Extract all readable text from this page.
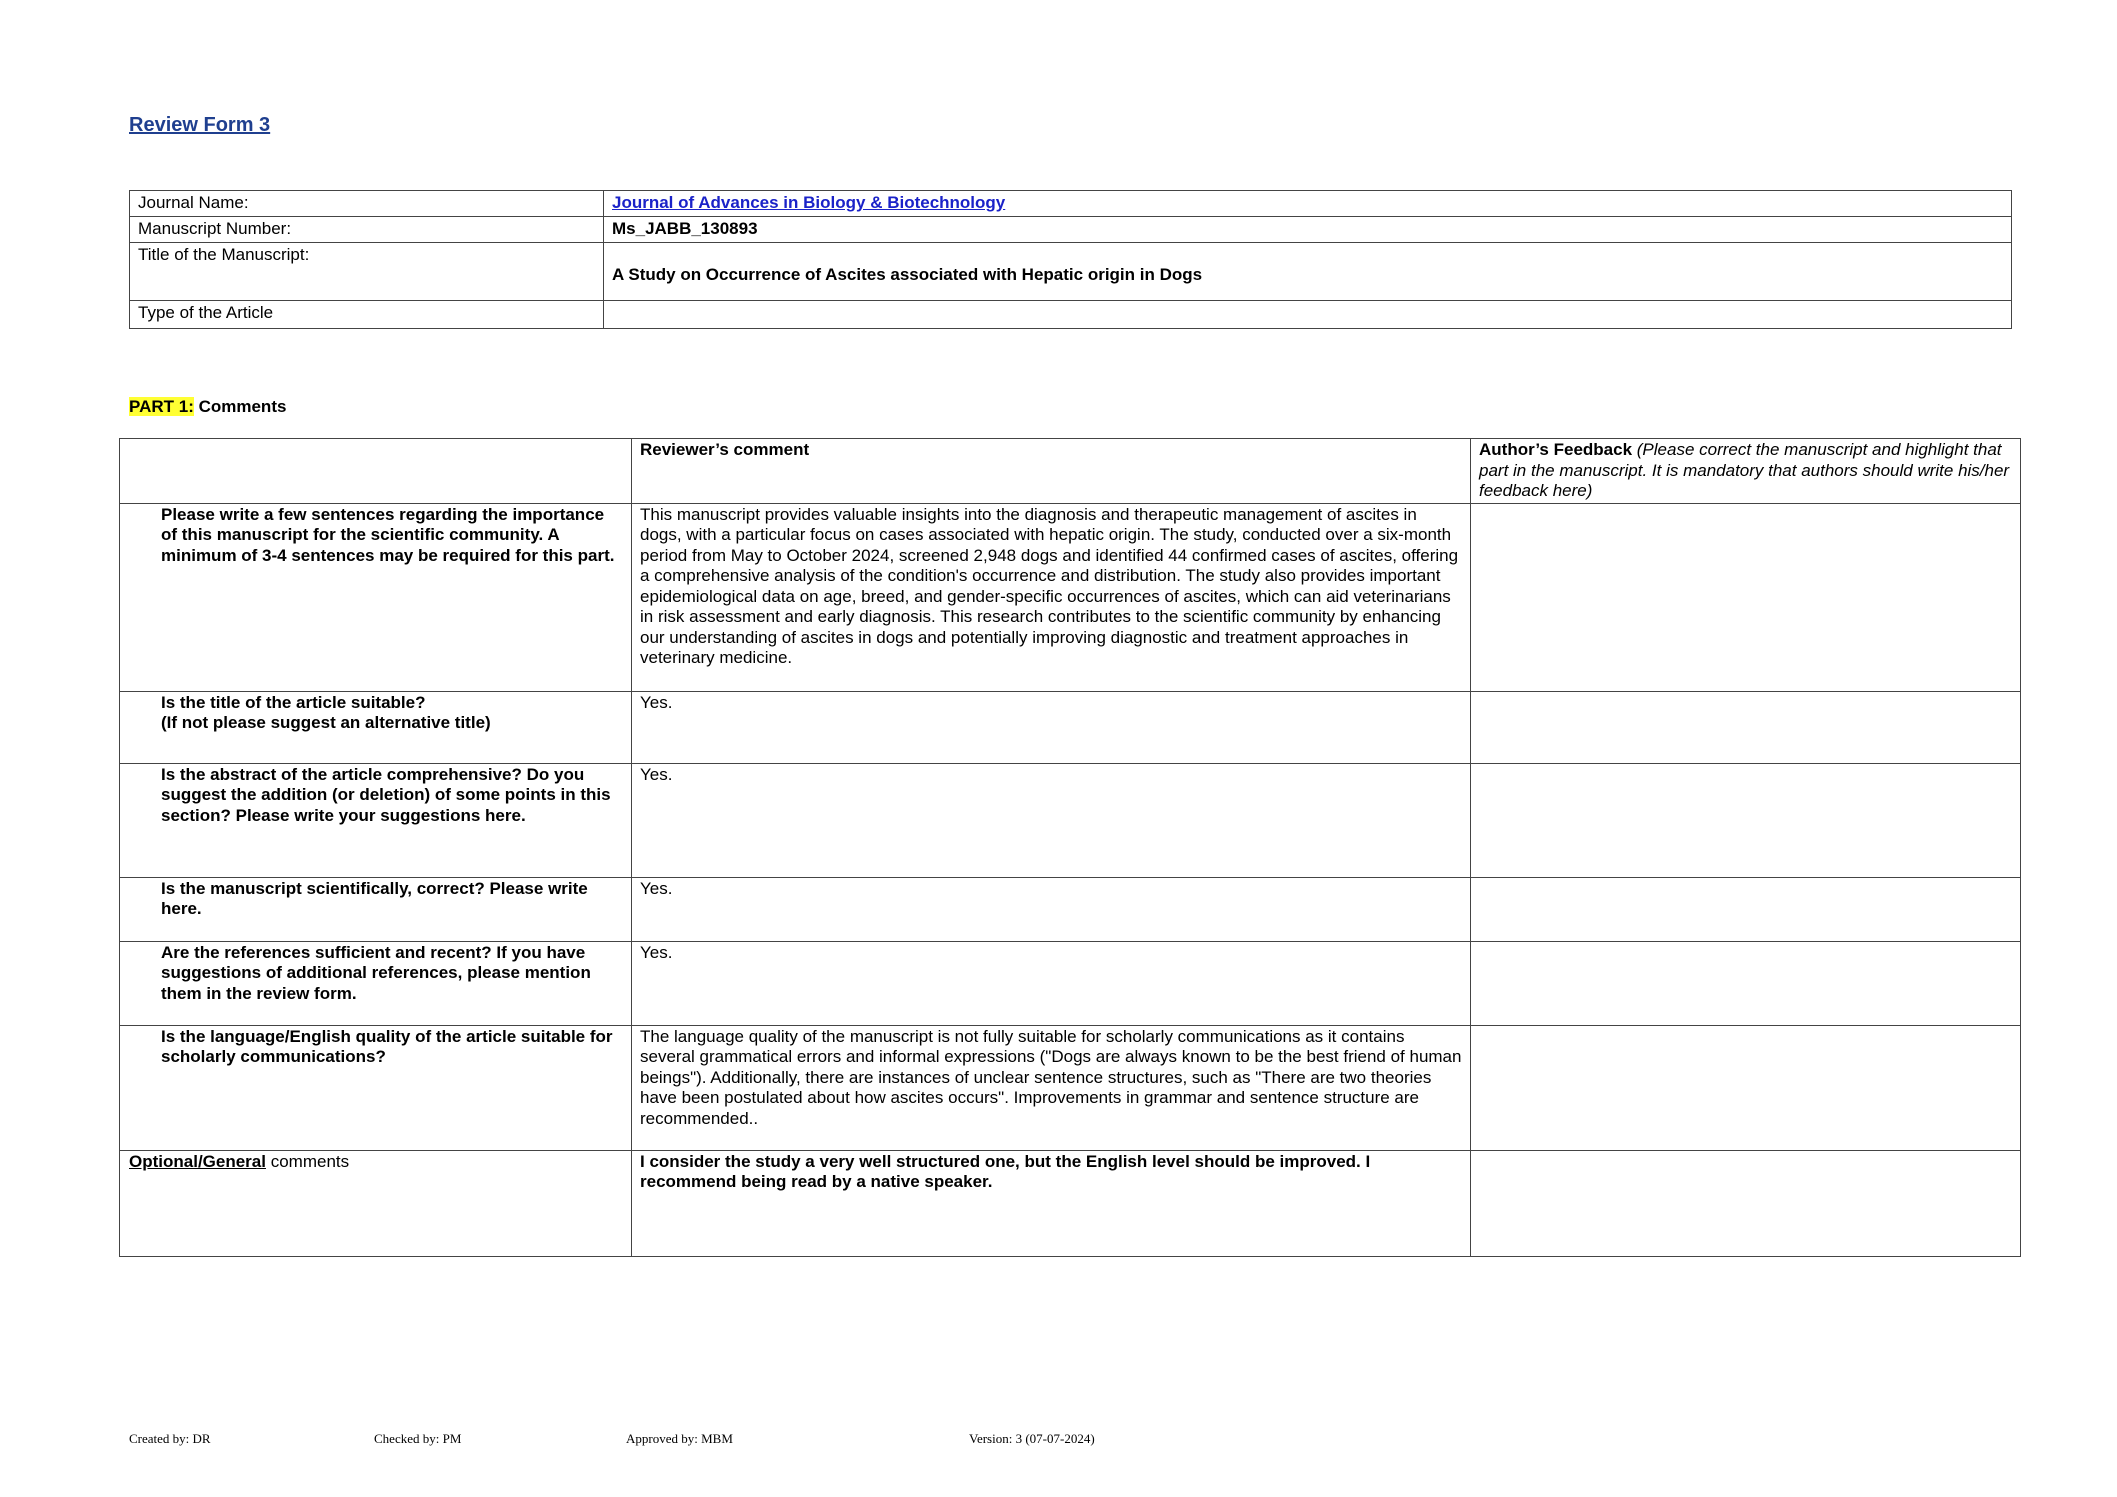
Review Form 3
Journal Name:	Journal of Advances in Biology & Biotechnology
Manuscript Number:	Ms_JABB_130893
Title of the Manuscript:	A Study on Occurrence of Ascites associated with Hepatic origin in Dogs
Type of the Article	
PART 1: Comments
	Reviewer’s comment	Author’s Feedback (Please correct the manuscript and highlight that part in the manuscript. It is mandatory that authors should write his/her feedback here)
Please write a few sentences regarding the importance of this manuscript for the scientific community. A minimum of 3-4 sentences may be required for this part.	This manuscript provides valuable insights into the diagnosis and therapeutic management of ascites in dogs, with a particular focus on cases associated with hepatic origin. The study, conducted over a six-month period from May to October 2024, screened 2,948 dogs and identified 44 confirmed cases of ascites, offering a comprehensive analysis of the condition's occurrence and distribution. The study also provides important epidemiological data on age, breed, and gender-specific occurrences of ascites, which can aid veterinarians in risk assessment and early diagnosis. This research contributes to the scientific community by enhancing our understanding of ascites in dogs and potentially improving diagnostic and treatment approaches in veterinary medicine.	
Is the title of the article suitable?
(If not please suggest an alternative title)	Yes.	
Is the abstract of the article comprehensive? Do you suggest the addition (or deletion) of some points in this section? Please write your suggestions here.	Yes.	
Is the manuscript scientifically, correct? Please write here.	Yes.	
Are the references sufficient and recent? If you have suggestions of additional references, please mention them in the review form.	Yes.	
Is the language/English quality of the article suitable for scholarly communications?	The language quality of the manuscript is not fully suitable for scholarly communications as it contains several grammatical errors and informal expressions ("Dogs are always known to be the best friend of human beings"). Additionally, there are instances of unclear sentence structures, such as "There are two theories have been postulated about how ascites occurs". Improvements in grammar and sentence structure are recommended..	
Optional/General comments	I consider the study a very well structured one, but the English level should be improved. I recommend being read by a native speaker.	
Created by: DR	Checked by: PM	Approved by: MBM	Version: 3 (07-07-2024)
